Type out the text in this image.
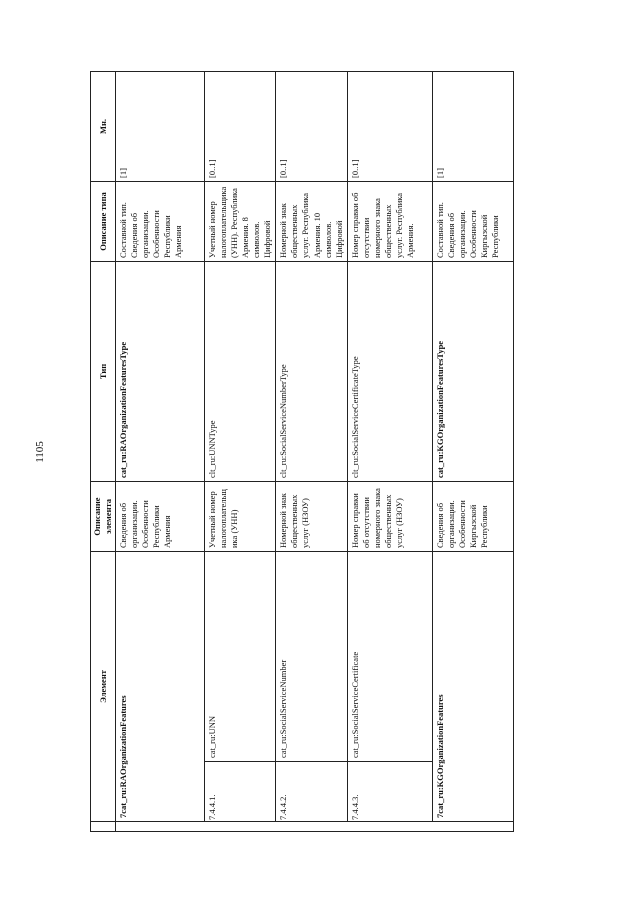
1105
	Элемент		Описание элемента	Тип	Описание типа	Мн.
	7cat_ru:RAOrganizationFeatures		Сведения об организации. Особенности Республики Армения	cat_ru:RAOrganizationFeaturesType	Составной тип. Сведения об организации. Особенности Республики Армения	[1]
	7.4.4.1.	cat_ru:UNN	Учетный номер налогоплательщика (УНН)	clt_ru:UNNType	Учетный номер налогоплательщика (УНН). Республика Армения. 8 символов. Цифровой	[0..1]
	7.4.4.2.	cat_ru:SocialServiceNumber	Номерной знак общественных услуг (НЗОУ)	clt_ru:SocialServiceNumberType	Номерной знак общественных услуг. Республика Армения. 10 символов. Цифровой	[0..1]
	7.4.4.3.	cat_ru:SocialServiceCertificate	Номер справки об отсутствии номерного знака общественных услуг (НЗОУ)	clt_ru:SocialServiceCertificateType	Номер справки об отсутствии номерного знака общественных услуг. Республика Армения.	[0..1]
	7cat_ru:KGOrganizationFeatures		Сведения об организации. Особенности Киргызской Республики	cat_ru:KGOrganizationFeaturesType	Составной тип. Сведения об организации. Особенности Киргызской Республики	[1]
